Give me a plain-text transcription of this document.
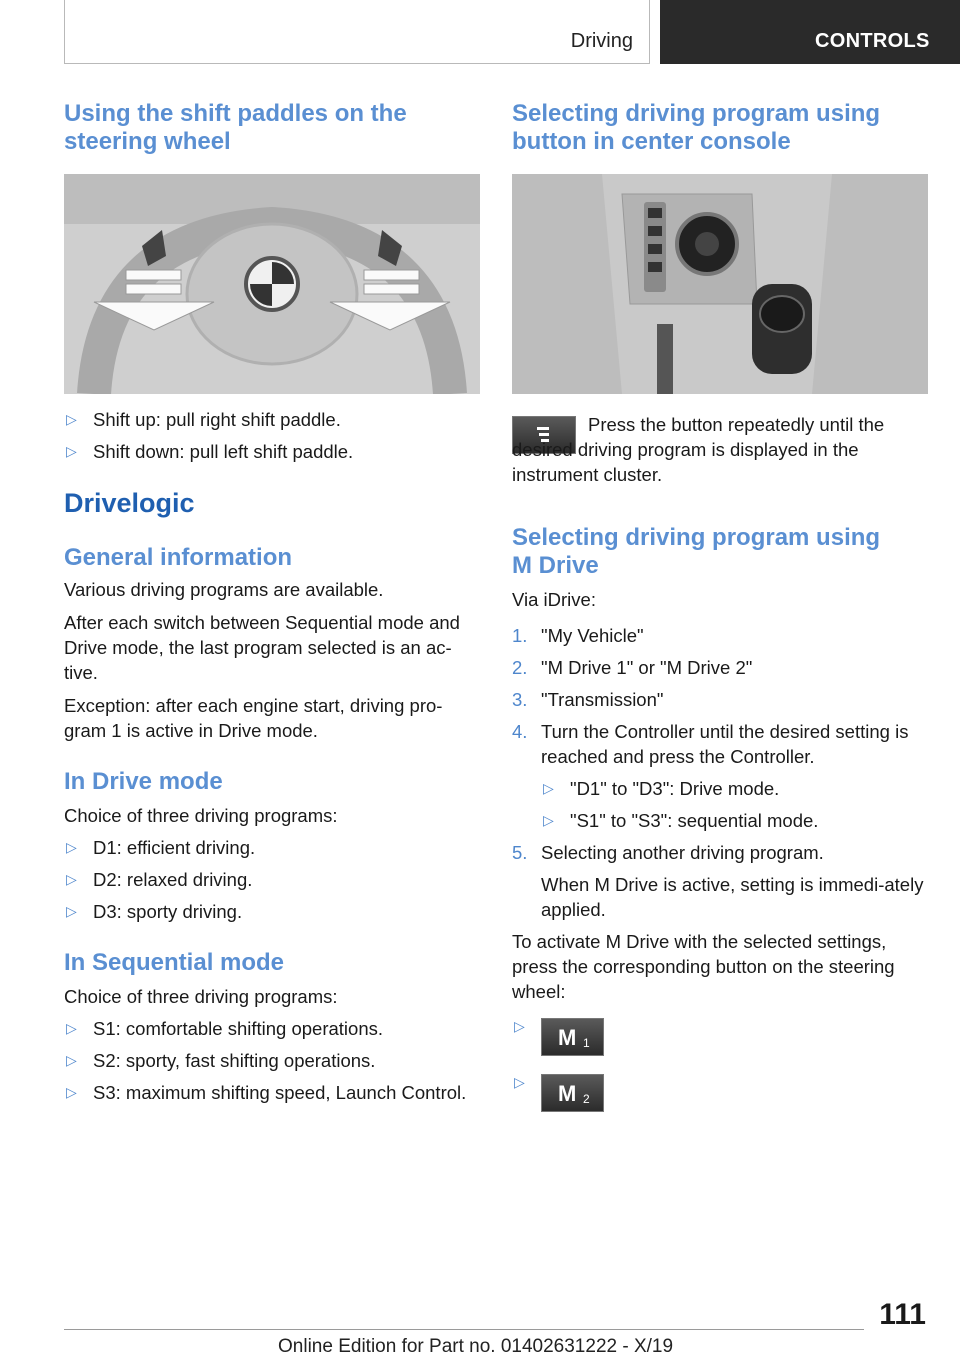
Driving	CONTROLS
Using the shift paddles on the steering wheel
▷ Shift up: pull right shift paddle.
▷ Shift down: pull left shift paddle.
Drivelogic
General information

Various driving programs are available.

After each switch between Sequential mode and Drive mode, the last program selected is an ac‐tive.

Exception: after each engine start, driving pro‐gram 1 is active in Drive mode.

In Drive mode

Choice of three driving programs:

▷ D1: efficient driving.
▷ D2: relaxed driving.
▷ D3: sporty driving.
In Sequential mode

Choice of three driving programs:

▷ S1: comfortable shifting operations.
▷ S2: sporty, fast shifting operations.
▷ S3: maximum shifting speed, Launch Control.
Selecting driving program using button in center console

Press the button repeatedly until the desired driving program is displayed in the instrument cluster.

Selecting driving program using M Drive

Via iDrive:

1. "My Vehicle"
2. "M Drive 1" or "M Drive 2"
3. "Transmission"
4. Turn the Controller until the desired setting is reached and press the Controller.
▷ "D1" to "D3": Drive mode.
▷ "S1" to "S3": sequential mode.
5. Selecting another driving program.

When M Drive is active, setting is immedi‐ately applied.

To activate M Drive with the selected settings, press the corresponding button on the steering wheel:

▷ M 1
▷ M 2
111
Online Edition for Part no. 01402631222 - X/19
